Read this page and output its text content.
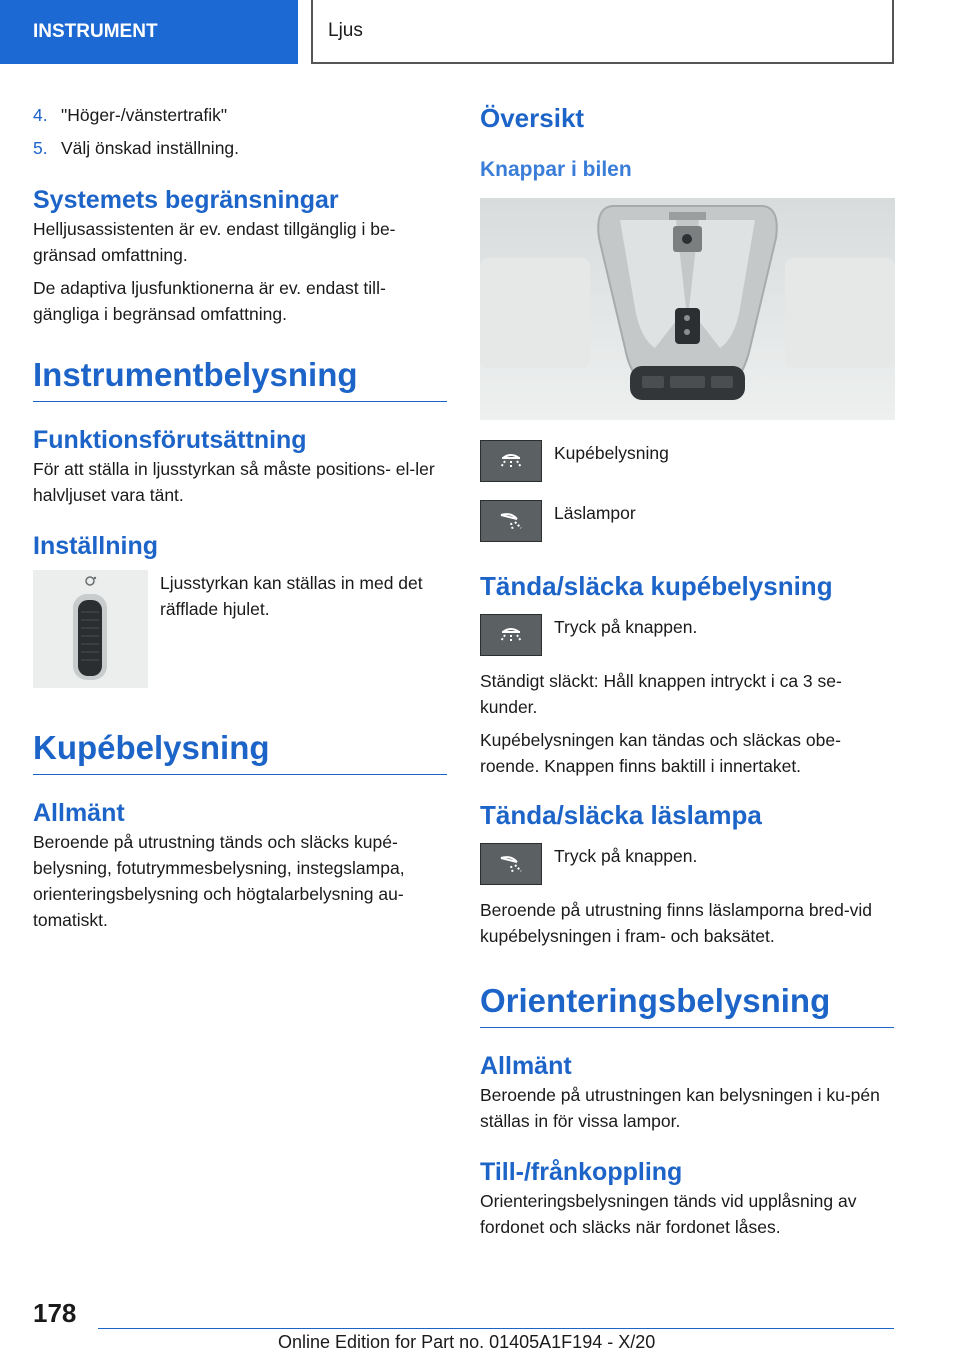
INSTRUMENT	Ljus
4. "Höger-/vänstertrafik"
5. Välj önskad inställning.
Systemets begränsningar

Helljusassistenten är ev. endast tillgänglig i be-gränsad omfattning.

De adaptiva ljusfunktionerna är ev. endast till-gängliga i begränsad omfattning.

Instrumentbelysning
Funktionsförutsättning

För att ställa in ljusstyrkan så måste positions- el-ler halvljuset vara tänt.

Inställning

Ljusstyrkan kan ställas in med det räfflade hjulet.

Kupébelysning
Allmänt

Beroende på utrustning tänds och släcks kupé-belysning, fotutrymmesbelysning, instegslampa, orienteringsbelysning och högtalarbelysning au-tomatiskt.

Översikt
Knappar i bilen

Kupébelysning

Läslampor

Tända/släcka kupébelysning

Tryck på knappen.

Ständigt släckt: Håll knappen intryckt i ca 3 se-kunder.

Kupébelysningen kan tändas och släckas obe-roende. Knappen finns baktill i innertaket.

Tända/släcka läslampa

Tryck på knappen.

Beroende på utrustning finns läslamporna bred-vid kupébelysningen i fram- och baksätet.

Orienteringsbelysning
Allmänt

Beroende på utrustningen kan belysningen i ku-pén ställas in för vissa lampor.

Till-/frånkoppling

Orienteringsbelysningen tänds vid upplåsning av fordonet och släcks när fordonet låses.

178
Online Edition for Part no. 01405A1F194 - X/20
